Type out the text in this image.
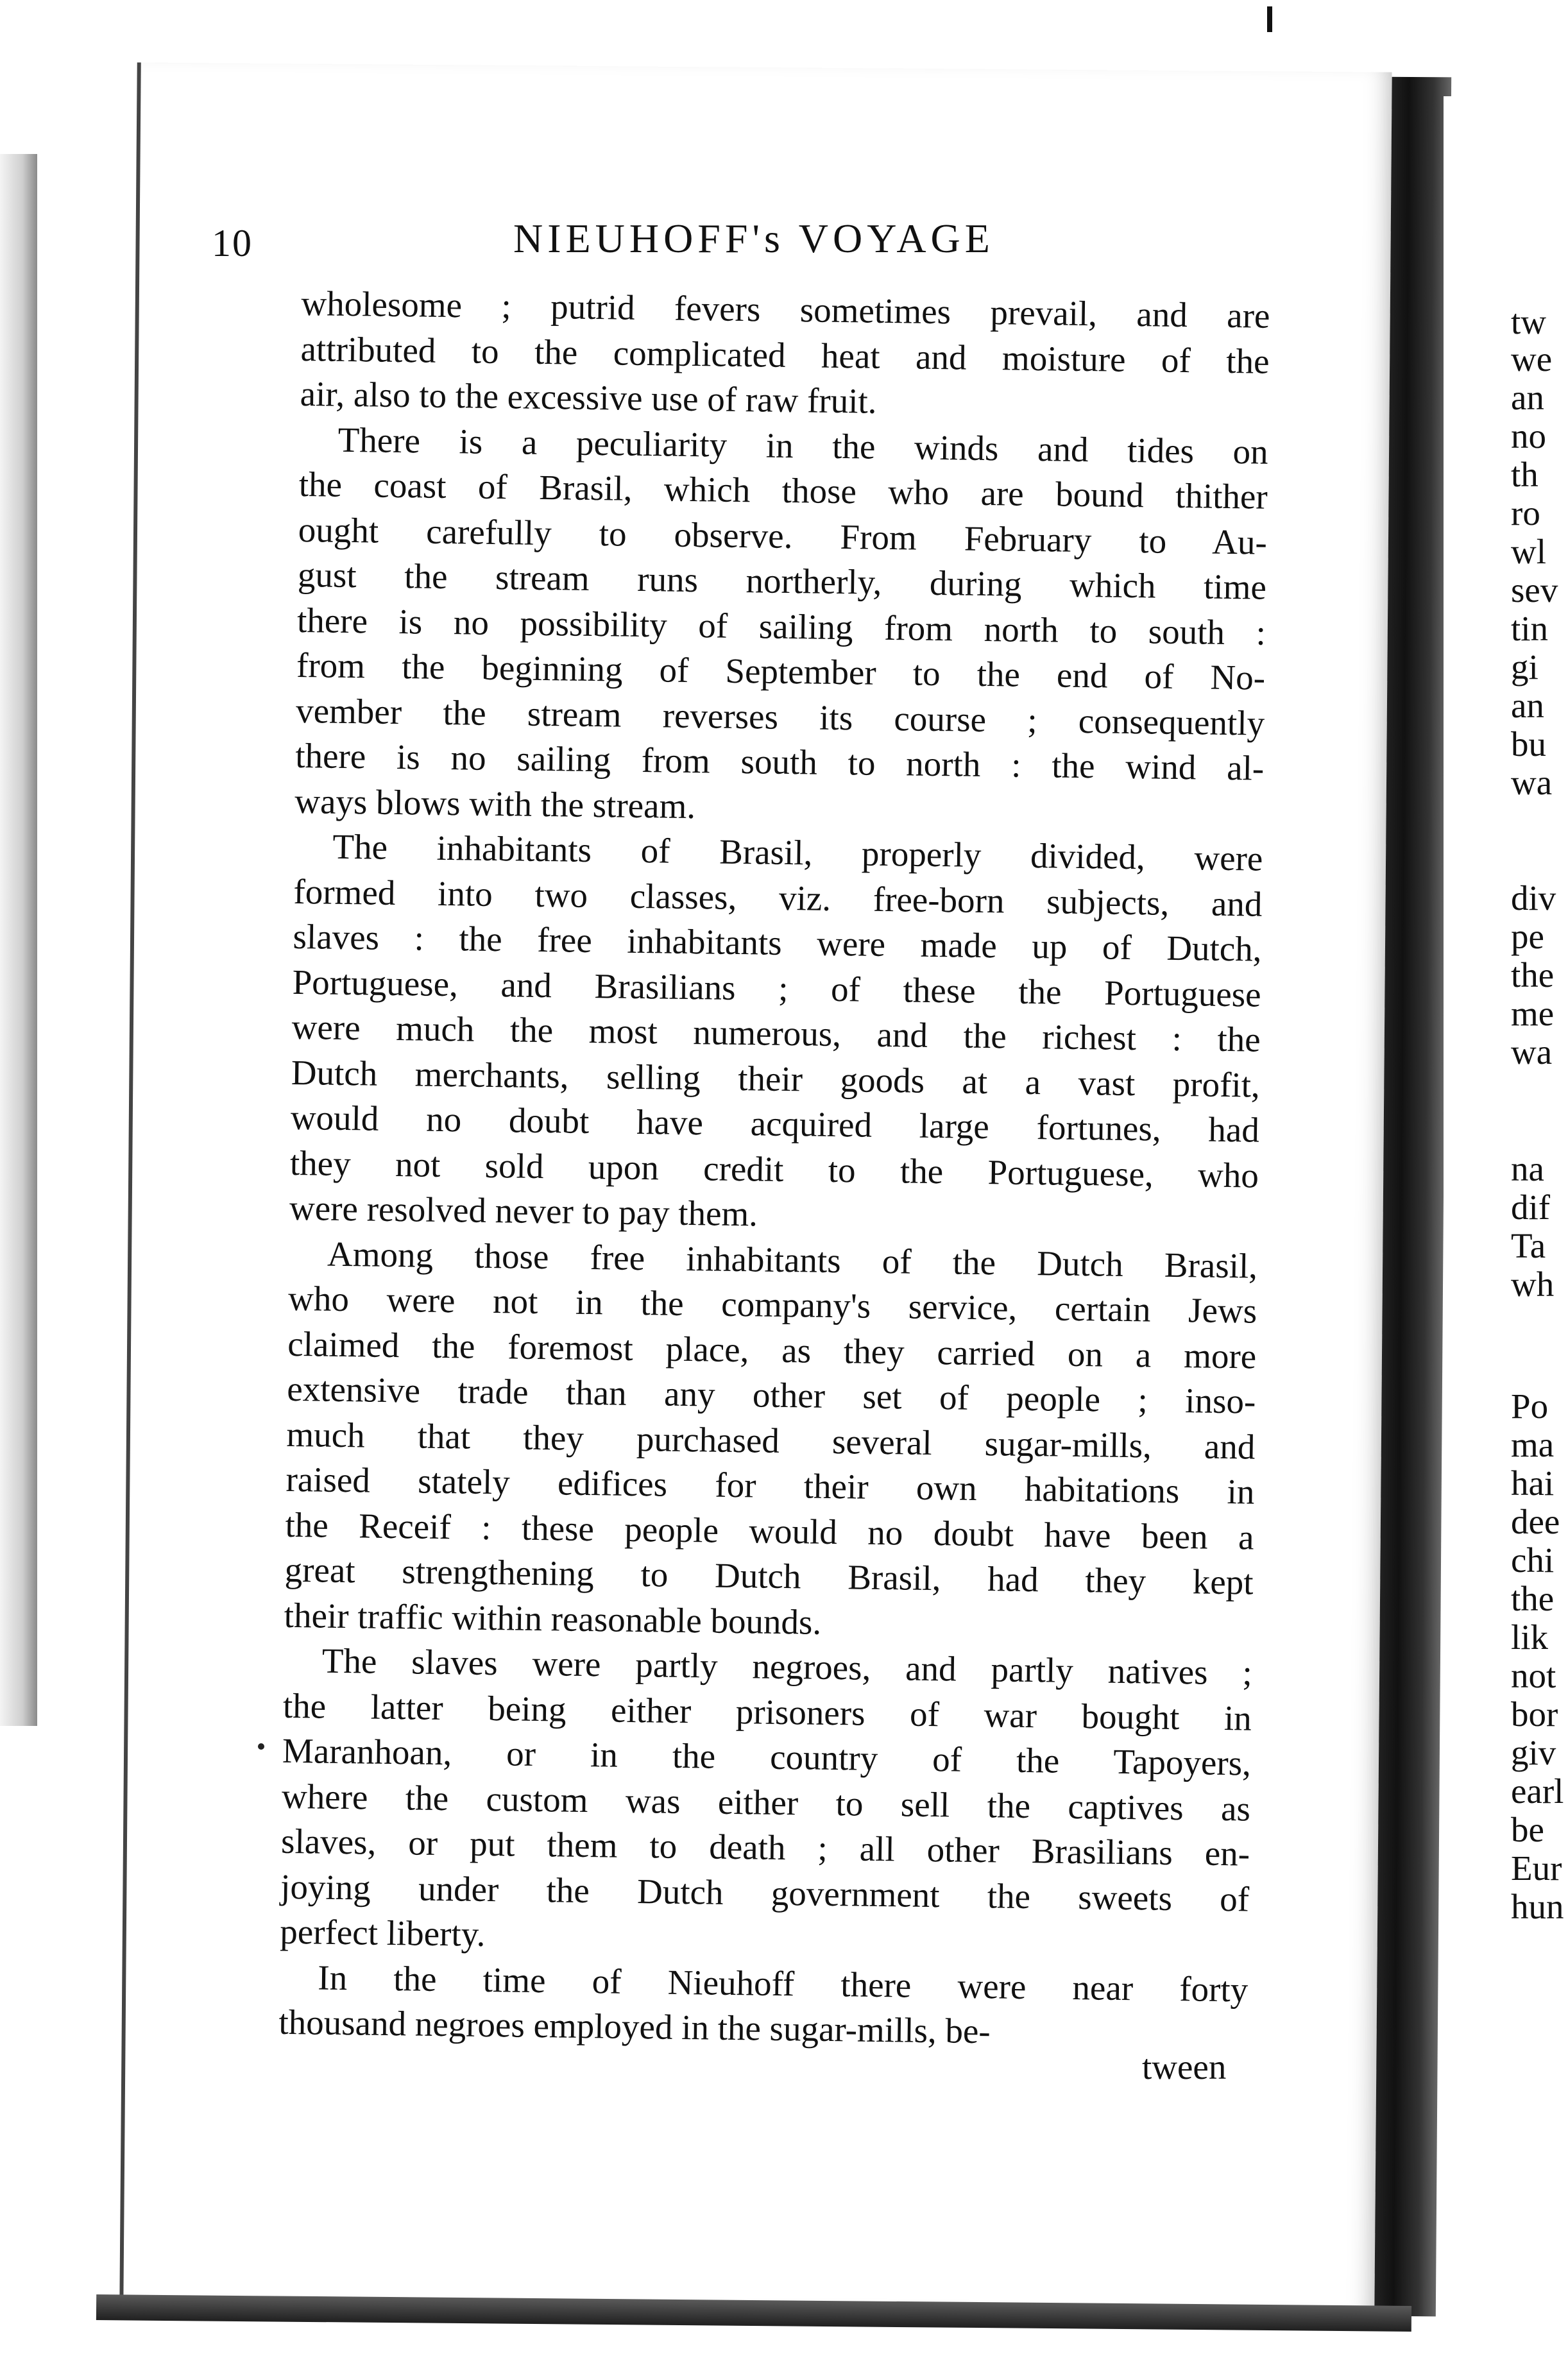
10	NIEUHOFF's VOYAGE
wholesome ; putrid fevers sometimes prevail, and are
attributed to the complicated heat and moisture of the
air, also to the excessive use of raw fruit.
There is a peculiarity in the winds and tides on
the coast of Brasil, which those who are bound thither
ought carefully to observe. From February to Au-
gust the stream runs northerly, during which time
there is no possibility of sailing from north to south :
from the beginning of September to the end of No-
vember the stream reverses its course ; consequently
there is no sailing from south to north : the wind al-
ways blows with the stream.
The inhabitants of Brasil, properly divided, were
formed into two classes, viz. free-born subjects, and
slaves : the free inhabitants were made up of Dutch,
Portuguese, and Brasilians ; of these the Portuguese
were much the most numerous, and the richest : the
Dutch merchants, selling their goods at a vast profit,
would no doubt have acquired large fortunes, had
they not sold upon credit to the Portuguese, who
were resolved never to pay them.
Among those free inhabitants of the Dutch Brasil,
who were not in the company's service, certain Jews
claimed the foremost place, as they carried on a more
extensive trade than any other set of people ; inso-
much that they purchased several sugar-mills, and
raised stately edifices for their own habitations in
the Receif : these people would no doubt have been a
great strengthening to Dutch Brasil, had they kept
their traffic within reasonable bounds.
The slaves were partly negroes, and partly natives ;
the latter being either prisoners of war bought in
Maranhoan, or in the country of the Tapoyers,
where the custom was either to sell the captives as
slaves, or put them to death ; all other Brasilians en-
joying under the Dutch government the sweets of
perfect liberty.
In the time of Nieuhoff there were near forty
thousand negroes employed in the sugar-mills, be-
tween
tw
we
an
no
th
ro
wl
sev
tin
gi
an
bu
wa
div
pe
the
me
wa
na
dif
Ta
wh
Po
ma
hai
dee
chi
the
lik
not
bor
giv
earl
be
Eur
hun
